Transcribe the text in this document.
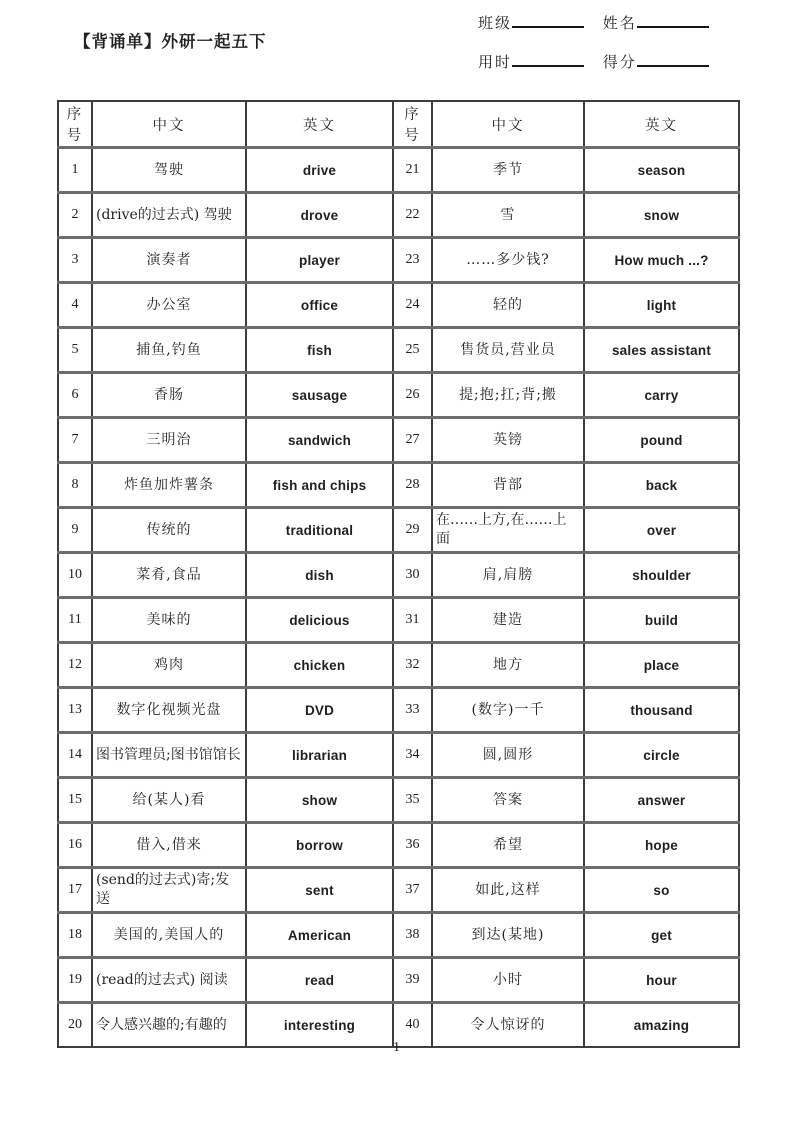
【背诵单】外研一起五下
班级	姓名
用时	得分
序号	中文	英文	序号	中文	英文
1	驾驶	drive	21	季节	season
2	(drive的过去式) 驾驶	drove	22	雪	snow
3	演奏者	player	23	……多少钱?	How much ...?
4	办公室	office	24	轻的	light
5	捕鱼,钓鱼	fish	25	售货员,营业员	sales assistant
6	香肠	sausage	26	提;抱;扛;背;搬	carry
7	三明治	sandwich	27	英镑	pound
8	炸鱼加炸薯条	fish and chips	28	背部	back
9	传统的	traditional	29	在……上方,在……上面	over
10	菜肴,食品	dish	30	肩,肩膀	shoulder
11	美味的	delicious	31	建造	build
12	鸡肉	chicken	32	地方	place
13	数字化视频光盘	DVD	33	(数字)一千	thousand
14	图书管理员;图书馆馆长	librarian	34	圆,圆形	circle
15	给(某人)看	show	35	答案	answer
16	借入,借来	borrow	36	希望	hope
17	(send的过去式)寄;发送	sent	37	如此,这样	so
18	美国的,美国人的	American	38	到达(某地)	get
19	(read的过去式) 阅读	read	39	小时	hour
20	令人感兴趣的;有趣的	interesting	40	令人惊讶的	amazing
1
